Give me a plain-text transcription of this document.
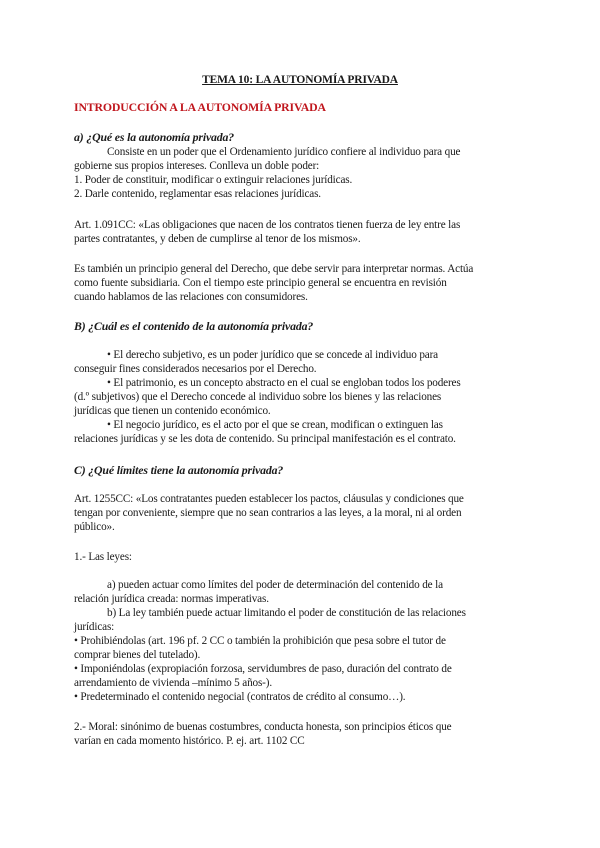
TEMA 10: LA AUTONOMÍA PRIVADA
INTRODUCCIÓN A LA AUTONOMÍA PRIVADA
a) ¿Qué es la autonomía privada?
Consiste en un poder que el Ordenamiento jurídico confiere al individuo para que
gobierne sus propios intereses. Conlleva un doble poder:
1. Poder de constituir, modificar o extinguir relaciones jurídicas.
2. Darle contenido, reglamentar esas relaciones jurídicas.
Art. 1.091CC: «Las obligaciones que nacen de los contratos tienen fuerza de ley entre las
partes contratantes, y deben de cumplirse al tenor de los mismos».
Es también un principio general del Derecho, que debe servir para interpretar normas. Actúa
como fuente subsidiaria. Con el tiempo este principio general se encuentra en revisión
cuando hablamos de las relaciones con consumidores.
B) ¿Cuál es el contenido de la autonomía privada?
• El derecho subjetivo, es un poder jurídico que se concede al individuo para
conseguir fines considerados necesarios por el Derecho.
• El patrimonio, es un concepto abstracto en el cual se engloban todos los poderes
(d.º subjetivos) que el Derecho concede al individuo sobre los bienes y las relaciones
jurídicas que tienen un contenido económico.
• El negocio jurídico, es el acto por el que se crean, modifican o extinguen las
relaciones jurídicas y se les dota de contenido. Su principal manifestación es el contrato.
C) ¿Qué límites tiene la autonomía privada?
Art. 1255CC: «Los contratantes pueden establecer los pactos, cláusulas y condiciones que
tengan por conveniente, siempre que no sean contrarios a las leyes, a la moral, ni al orden
público».
1.- Las leyes:
a) pueden actuar como límites del poder de determinación del contenido de la
relación jurídica creada: normas imperativas.
b) La ley también puede actuar limitando el poder de constitución de las relaciones
jurídicas:
• Prohibiéndolas (art. 196 pf. 2 CC o también la prohibición que pesa sobre el tutor de
comprar bienes del tutelado).
• Imponiéndolas (expropiación forzosa, servidumbres de paso, duración del contrato de
arrendamiento de vivienda –mínimo 5 años-).
• Predeterminado el contenido negocial (contratos de crédito al consumo…).
2.- Moral: sinónimo de buenas costumbres, conducta honesta, son principios éticos que
varían en cada momento histórico. P. ej. art. 1102 CC
